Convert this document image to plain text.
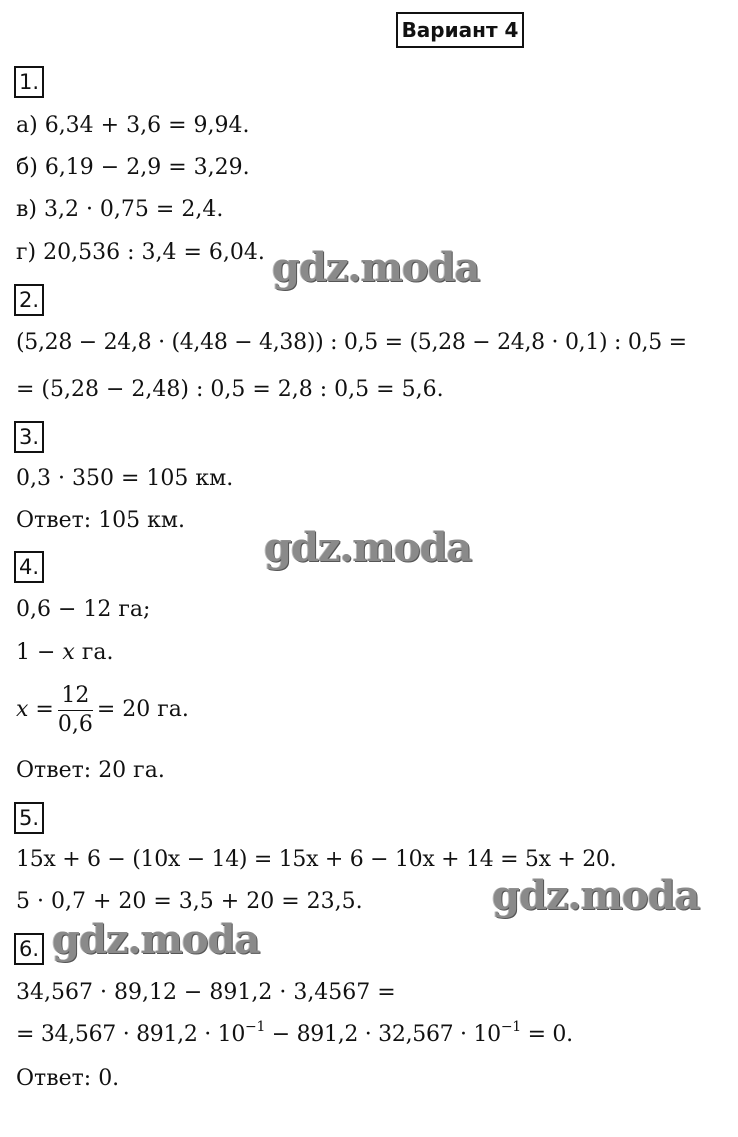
Вариант 4
1.
а) 6,34 + 3,6 = 9,94.
б) 6,19 − 2,9 = 3,29.
в) 3,2 · 0,75 = 2,4.
г) 20,536 : 3,4 = 6,04. gdz.moda
2.
(5,28 − 24,8 · (4,48 − 4,38)) : 0,5 = (5,28 − 24,8 · 0,1) : 0,5 =
= (5,28 − 2,48) : 0,5 = 2,8 : 0,5 = 5,6.
3.
0,3 · 350 = 105 км.
Ответ: 105 км.
gdz.moda
4.
0,6 − 12 га;
1 − x га.
$x = \frac{12}{0,6} = 20$ га.
Ответ: 20 га.
5.
15x + 6 − (10x − 14) = 15x + 6 − 10x + 14 = 5x + 20.
5 · 0,7 + 20 = 3,5 + 20 = 23,5.	gdz.moda
6. gdz.moda
34,567 · 89,12 − 891,2 · 3,4567 =
= $34,567 \cdot 891,2 \cdot 10^{-1} - 891,2 \cdot 32,567 \cdot 10^{-1} = 0$.
Ответ: 0.
